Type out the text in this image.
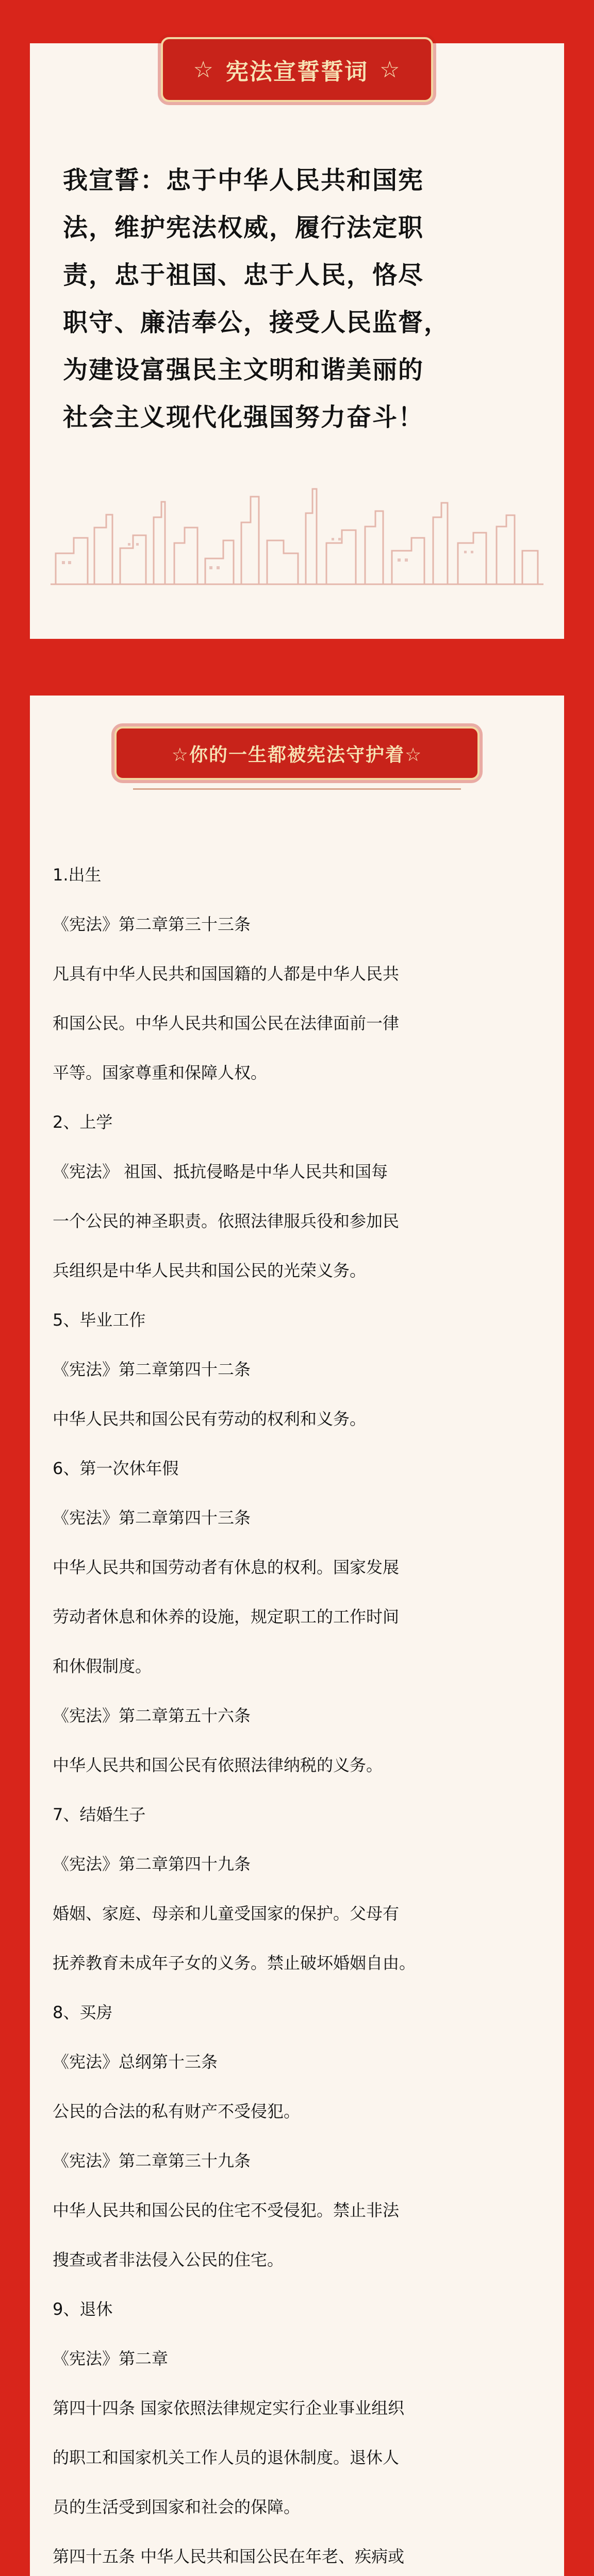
☆ 宪法宣誓誓词 ☆
我宣誓：忠于中华人民共和国宪
法，维护宪法权威，履行法定职
责，忠于祖国、忠于人民，恪尽
职守、廉洁奉公，接受人民监督，
为建设富强民主文明和谐美丽的
社会主义现代化强国努力奋斗！
☆你的一生都被宪法守护着☆
1.出生
《宪法》第二章第三十三条
凡具有中华人民共和国国籍的人都是中华人民共
和国公民。中华人民共和国公民在法律面前一律
平等。国家尊重和保障人权。
2、上学
《宪法》 祖国、抵抗侵略是中华人民共和国每
一个公民的神圣职责。依照法律服兵役和参加民
兵组织是中华人民共和国公民的光荣义务。
5、毕业工作
《宪法》第二章第四十二条
中华人民共和国公民有劳动的权利和义务。
6、第一次休年假
《宪法》第二章第四十三条
中华人民共和国劳动者有休息的权利。国家发展
劳动者休息和休养的设施，规定职工的工作时间
和休假制度。
《宪法》第二章第五十六条
中华人民共和国公民有依照法律纳税的义务。
7、结婚生子
《宪法》第二章第四十九条
婚姻、家庭、母亲和儿童受国家的保护。父母有
抚养教育未成年子女的义务。禁止破坏婚姻自由。
8、买房
《宪法》总纲第十三条
公民的合法的私有财产不受侵犯。
《宪法》第二章第三十九条
中华人民共和国公民的住宅不受侵犯。禁止非法
搜查或者非法侵入公民的住宅。
9、退休
《宪法》第二章
第四十四条 国家依照法律规定实行企业事业组织
的职工和国家机关工作人员的退休制度。退休人
员的生活受到国家和社会的保障。
第四十五条 中华人民共和国公民在年老、疾病或
